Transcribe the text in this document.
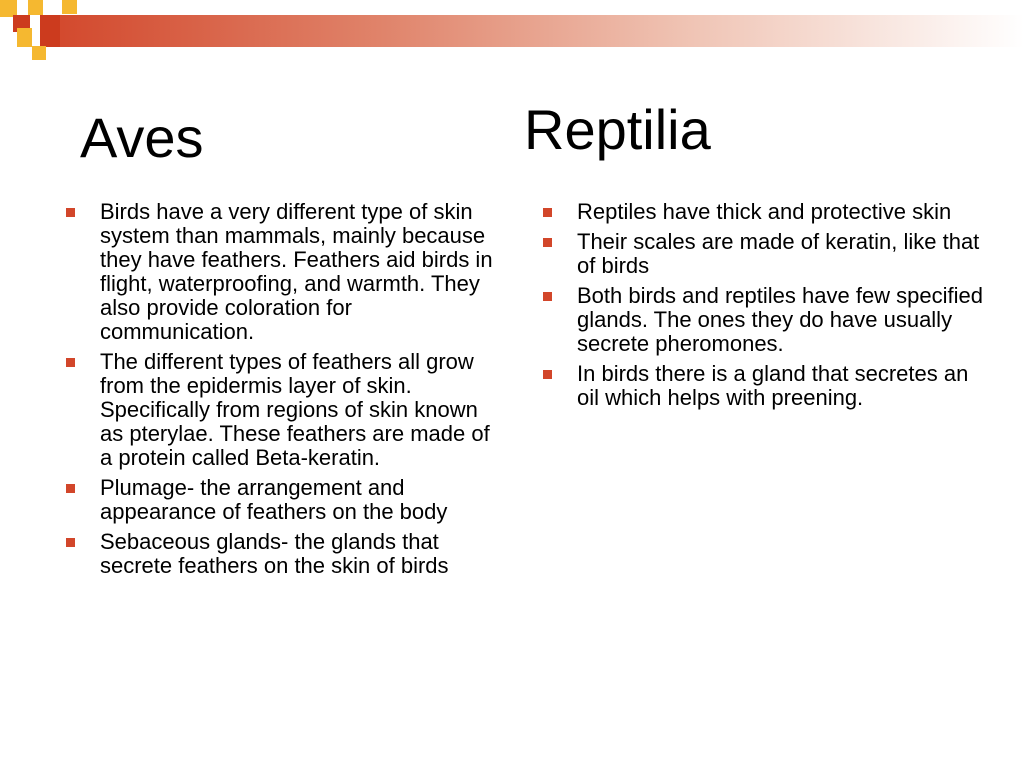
Aves	Reptilia
Birds have a very different type of skin system than mammals, mainly because they have feathers. Feathers aid birds in flight, waterproofing, and warmth. They also provide coloration for communication.
The different types of feathers all grow from the epidermis layer of skin. Specifically from regions of skin known as pterylae. These feathers are made of a protein called Beta-keratin.
Plumage- the arrangement and appearance of feathers on the body
Sebaceous glands- the glands that secrete feathers on the skin of birds
Reptiles have thick and protective skin
Their scales are made of keratin, like that of birds
Both birds and reptiles have few specified glands. The ones they do have usually secrete pheromones.
In birds there is a gland that secretes an oil which helps with preening.
